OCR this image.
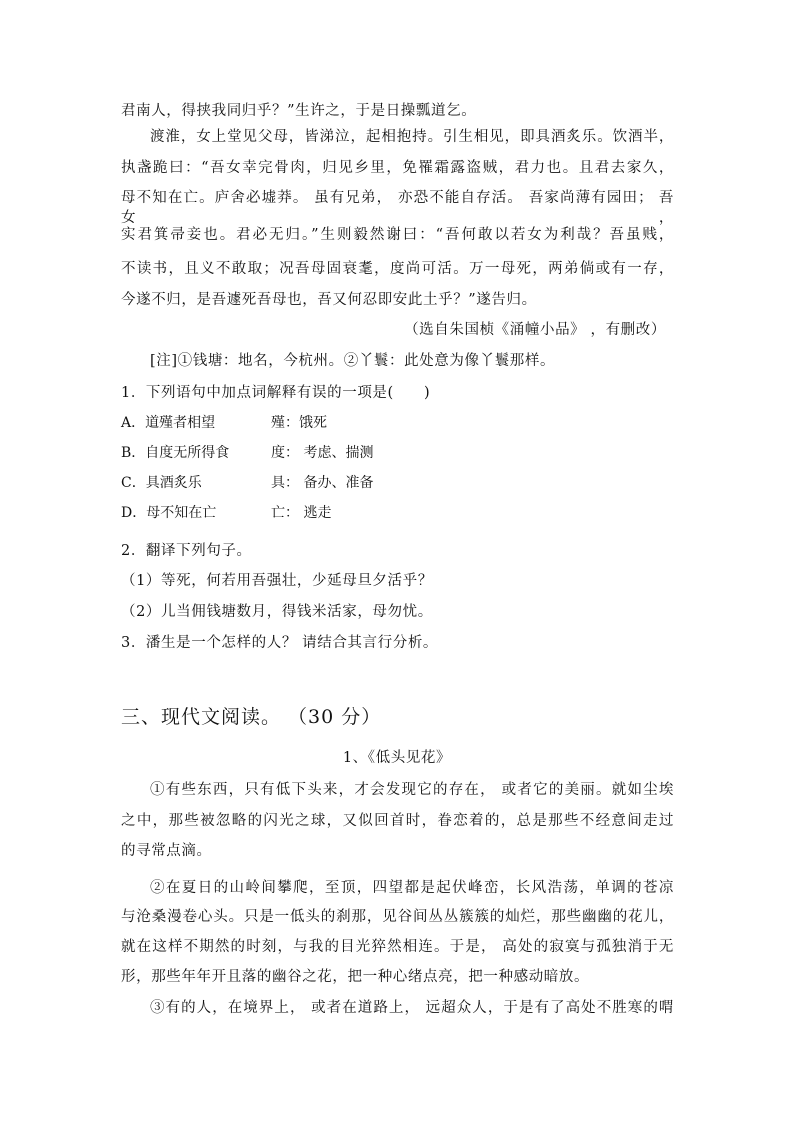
君南人，得挟我同归乎？”生许之，于是日操瓢道乞。
渡淮，女上堂见父母，皆涕泣，起相抱持。引生相见，即具酒炙乐。饮酒半，
执盏跪曰：“吾女幸完骨肉，归见乡里，免罹霜露盗贼，君力也。且君去家久，
母不知在亡。庐舍必墟莽。 虽有兄弟， 亦恐不能自存活。 吾家尚薄有园田； 吾女，
实君箕帚妾也。君必无归。”生则毅然谢曰：“吾何敢以若女为利哉？吾虽贱，
不读书，且义不敢取；况吾母固衰耄，度尚可活。万一母死，两弟倘或有一存，
今遂不归，是吾遽死吾母也，吾又何忍即安此土乎？”遂告归。
（选自朱国桢《涌幢小品》 ，有删改）
[注]①钱塘：地名，今杭州。②丫鬟：此处意为像丫鬟那样。
1．下列语句中加点词解释有误的一项是(　　)
A．道殣者相望	殣：饿死
B．自度无所得食	度： 考虑、揣测
C．具酒炙乐	具： 备办、准备
D．母不知在亡	亡： 逃走
2．翻译下列句子。
（1）等死，何若用吾强壮，少延母旦夕活乎？
（2）儿当佣钱塘数月，得钱米活家，母勿忧。
3．潘生是一个怎样的人？ 请结合其言行分析。
三、现代文阅读。 （30 分）
1、《低头见花》
①有些东西，只有低下头来，才会发现它的存在， 或者它的美丽。就如尘埃
之中，那些被忽略的闪光之球，又似回首时，眷恋着的，总是那些不经意间走过
的寻常点滴。
②在夏日的山岭间攀爬，至顶，四望都是起伏峰峦，长风浩荡，单调的苍凉
与沧桑漫卷心头。只是一低头的刹那，见谷间丛丛簇簇的灿烂，那些幽幽的花儿，
就在这样不期然的时刻，与我的目光猝然相连。于是， 高处的寂寞与孤独消于无
形，那些年年开且落的幽谷之花，把一种心绪点亮，把一种感动暗放。
③有的人，在境界上， 或者在道路上， 远超众人，于是有了高处不胜寒的喟
